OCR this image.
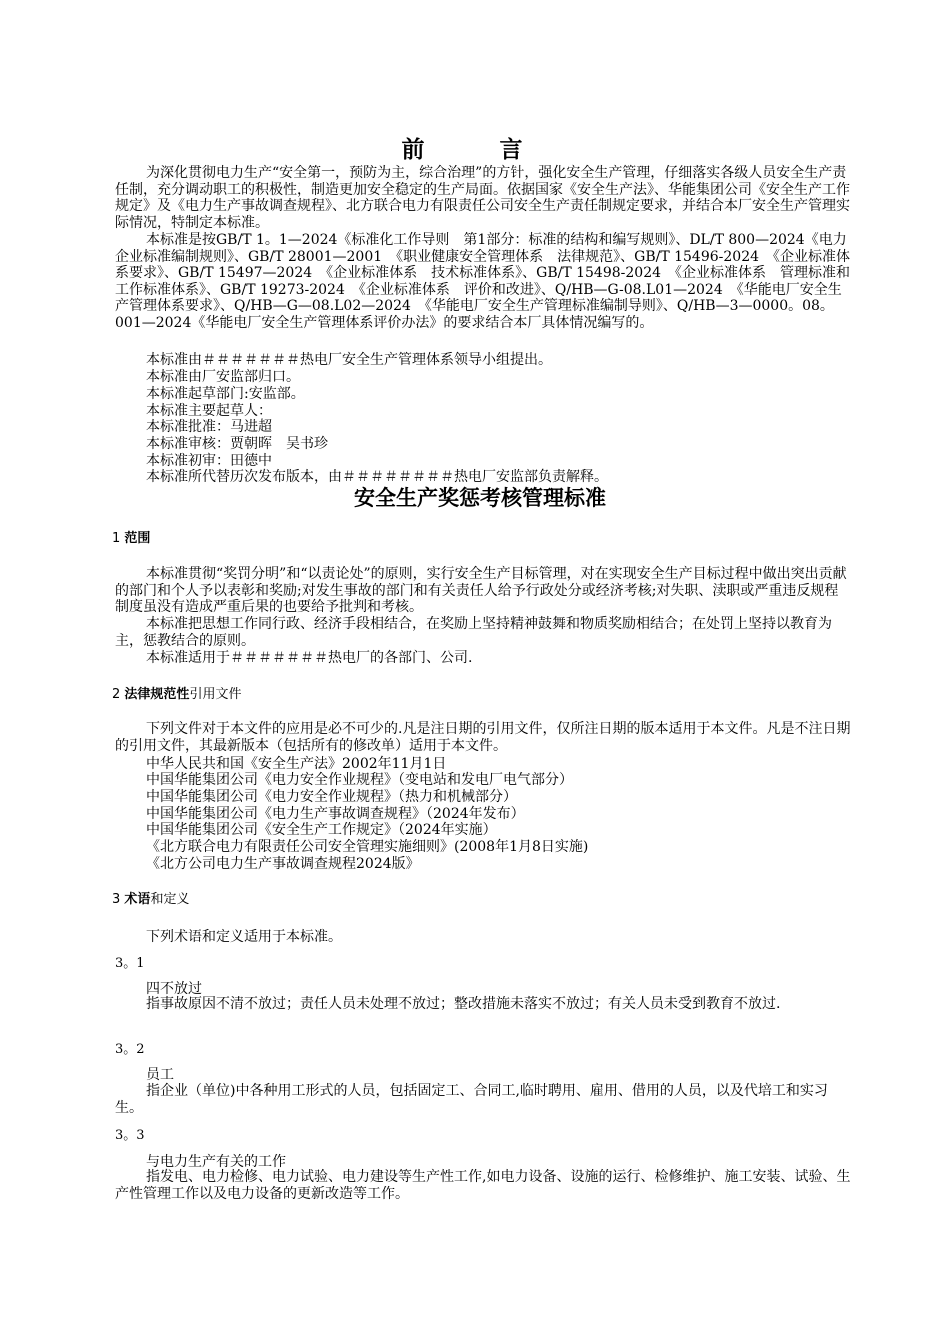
前　言
为深化贯彻电力生产“安全第一，预防为主，综合治理”的方针，强化安全生产管理，仔细落实各级人员安全生产责任制，充分调动职工的积极性，制造更加安全稳定的生产局面。依据国家《安全生产法》、华能集团公司《安全生产工作规定》及《电力生产事故调查规程》、北方联合电力有限责任公司安全生产责任制规定要求，并结合本厂安全生产管理实际情况，特制定本标准。
本标准是按GB/T 1。1—2024《标准化工作导则　第1部分：标准的结构和编写规则》、DL/T 800—2024《电力企业标准编制规则》、GB/T 28001—2001　《职业健康安全管理体系　法律规范》、GB/T 15496-2024　《企业标准体系要求》、GB/T 15497—2024　《企业标准体系　技术标准体系》、GB/T 15498-2024　《企业标准体系　管理标准和工作标准体系》、GB/T 19273-2024　《企业标准体系　评价和改进》、Q/HB—G-08.L01—2024　《华能电厂安全生产管理体系要求》、Q/HB—G—08.L02—2024　《华能电厂安全生产管理标准编制导则》、Q/HB—3—0000。08。001—2024《华能电厂安全生产管理体系评价办法》的要求结合本厂具体情况编写的。
本标准由＃＃＃＃＃＃＃热电厂安全生产管理体系领导小组提出。
本标准由厂安监部归口。
本标准起草部门:安监部。
本标准主要起草人：
本标准批准：马进超
本标准审核：贾朝晖　吴书珍
本标准初审：田德中
本标准所代替历次发布版本，由＃＃＃＃＃＃＃＃热电厂安监部负责解释。
安全生产奖惩考核管理标准
1 范围
本标准贯彻“奖罚分明”和“以责论处”的原则，实行安全生产目标管理，对在实现安全生产目标过程中做出突出贡献的部门和个人予以表彰和奖励;对发生事故的部门和有关责任人给予行政处分或经济考核;对失职、渎职或严重违反规程制度虽没有造成严重后果的也要给予批判和考核。
本标准把思想工作同行政、经济手段相结合，在奖励上坚持精神鼓舞和物质奖励相结合；在处罚上坚持以教育为主，惩教结合的原则。
本标准适用于＃＃＃＃＃＃＃热电厂的各部门、公司.
2 法律规范性引用文件
下列文件对于本文件的应用是必不可少的.凡是注日期的引用文件，仅所注日期的版本适用于本文件。凡是不注日期的引用文件，其最新版本（包括所有的修改单）适用于本文件。
中华人民共和国《安全生产法》2002年11月1日
中国华能集团公司《电力安全作业规程》（变电站和发电厂电气部分）
中国华能集团公司《电力安全作业规程》（热力和机械部分）
中国华能集团公司《电力生产事故调查规程》（2024年发布）
中国华能集团公司《安全生产工作规定》（2024年实施）
《北方联合电力有限责任公司安全管理实施细则》(2008年1月8日实施)
《北方公司电力生产事故调查规程2024版》
3 术语和定义
下列术语和定义适用于本标准。
3。1
四不放过
指事故原因不清不放过；责任人员未处理不放过；整改措施未落实不放过；有关人员未受到教育不放过.
3。2
员工
指企业（单位)中各种用工形式的人员，包括固定工、合同工,临时聘用、雇用、借用的人员，以及代培工和实习生。
3。3
与电力生产有关的工作
指发电、电力检修、电力试验、电力建设等生产性工作,如电力设备、设施的运行、检修维护、施工安装、试验、生产性管理工作以及电力设备的更新改造等工作。
